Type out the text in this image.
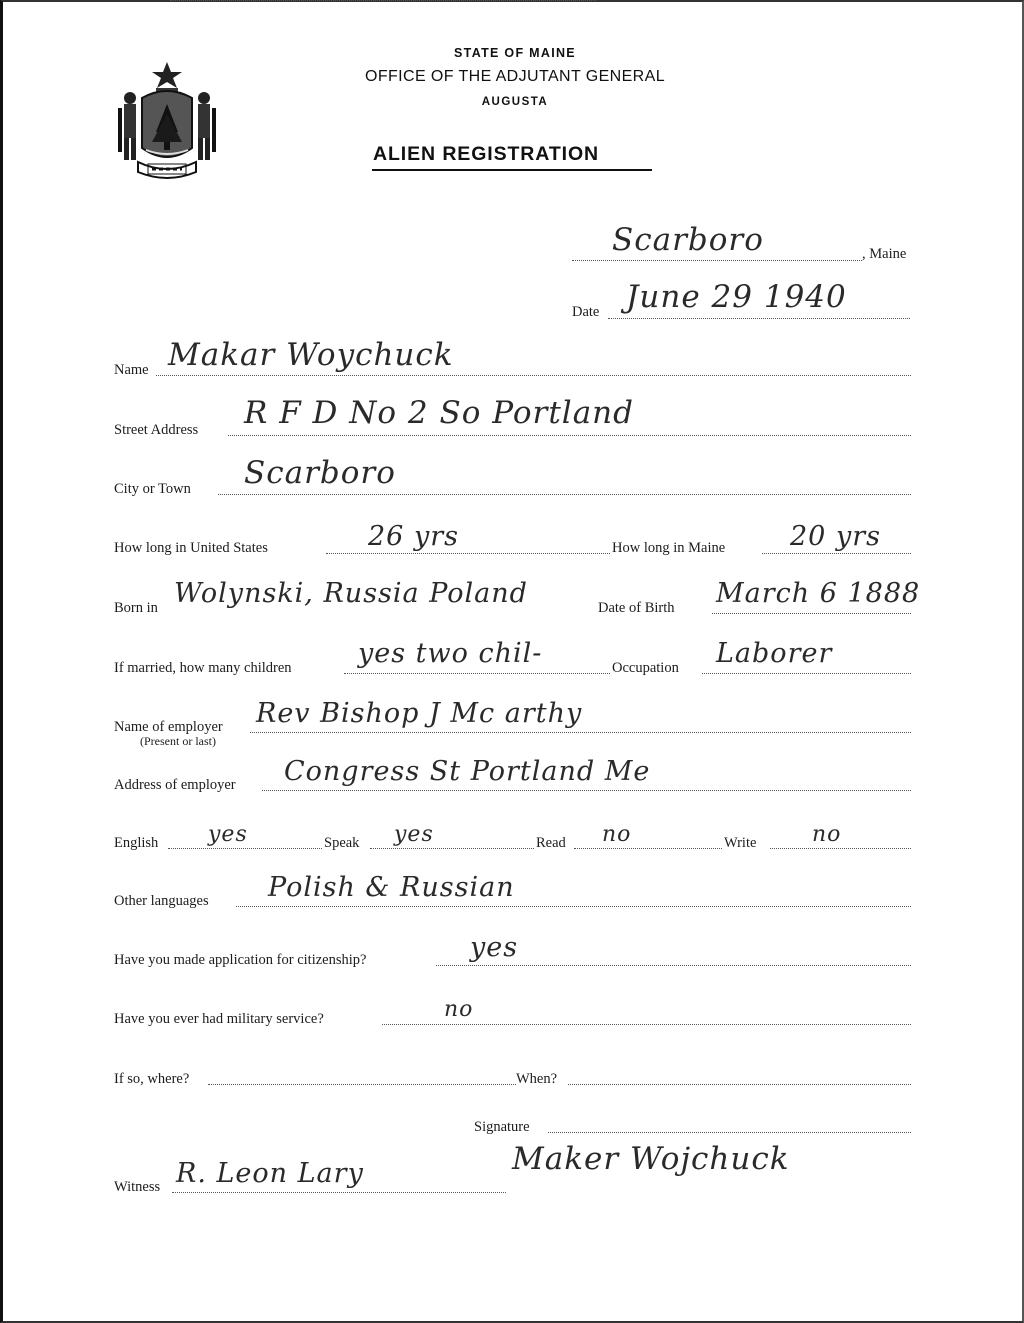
STATE OF MAINE
OFFICE OF THE ADJUTANT GENERAL
AUGUSTA
ALIEN REGISTRATION
Scarboro	, Maine
Date June 29 1940
Name Makar Woychuck
Street Address R F D No 2 So Portland
City or Town Scarboro
How long in United States	26 yrs	How long in Maine 20 yrs
Born in Wolynski, Russia Poland	Date of Birth March 6 1888
If married, how many children yes two chil-	Occupation Laborer
Name of employer
(Present or last)
Rev Bishop J Mc arthy
Address of employer Congress St Portland Me
English yes	Speak yes	Read no	Write	no
Other languages Polish & Russian
Have you made application for citizenship?	yes
Have you ever had military service?	no
If so, where?	When?
Signature
Maker Wojchuck
Witness R. Leon Lary
